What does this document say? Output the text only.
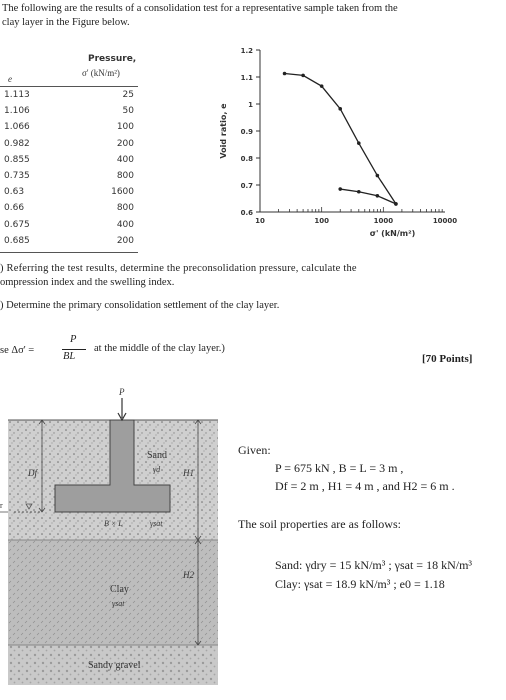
The following are the results of a consolidation test for a representative sample taken from the
clay layer in the Figure below.
Pressure,
σ' (kN/m²)
e
1.113	25
1.106	50
1.066	100
0.982	200
0.855	400
0.735	800
0.63	1600
0.66	800
0.675	400
0.685	200
0.6
0.7
0.8
0.9
1
1.1
1.2
10	100	1000	10000
Void ratio, e
σ' (kN/m²)
) Referring the test results, determine the preconsolidation pressure, calculate the
ompression index and the swelling index.
) Determine the primary consolidation settlement of the clay layer.
se Δσ' =
P
BL
at the middle of the clay layer.)
[70 Points]
P
Sand
γd
Df	H1
H2
B × L	γsat
Clay
γsat
Sandy gravel
r
Given:
P = 675 kN , B = L = 3 m ,
Df = 2 m , H1 = 4 m , and H2 = 6 m .
The soil properties are as follows:
Sand: γdry = 15 kN/m³ ; γsat = 18 kN/m³
Clay: γsat = 18.9 kN/m³ ; e0 = 1.18
